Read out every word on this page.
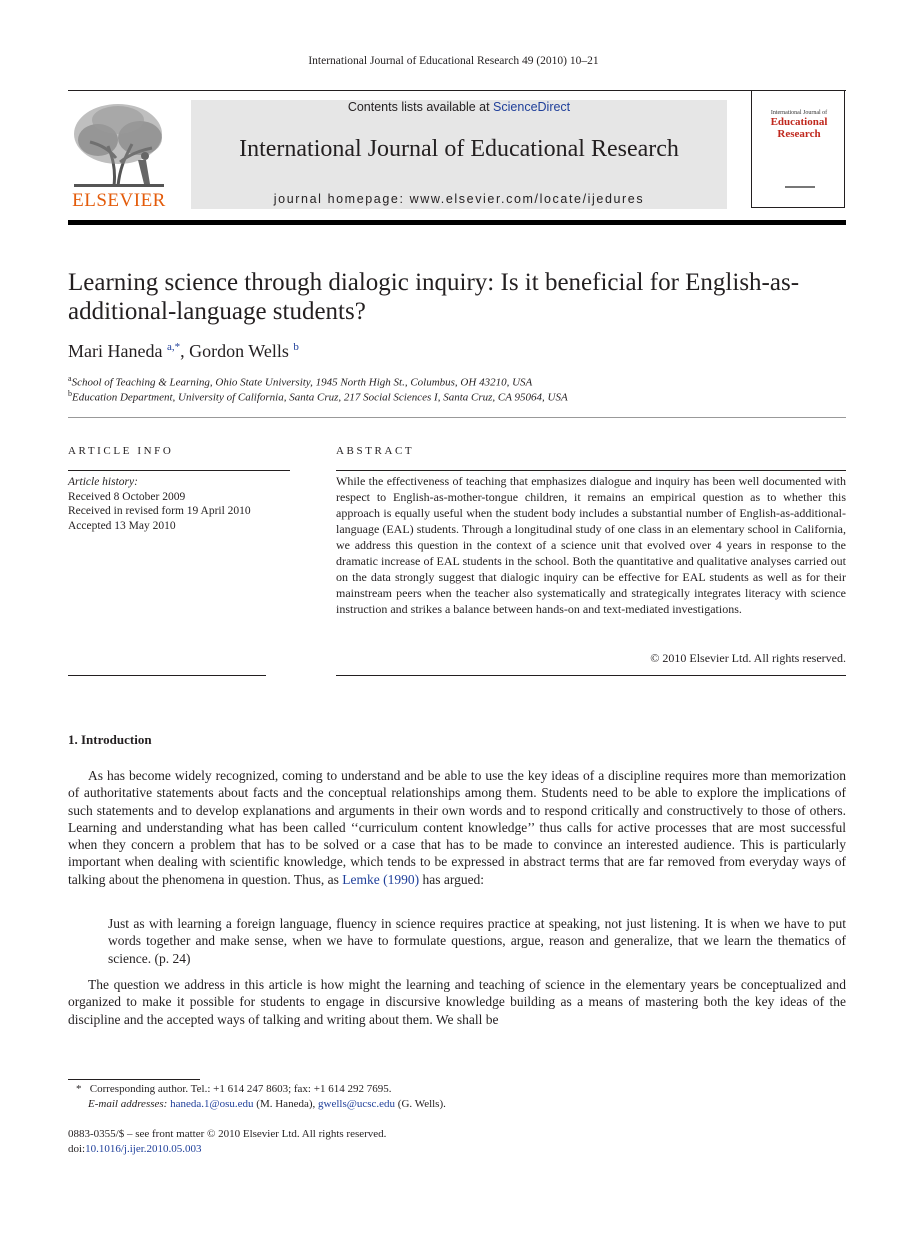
International Journal of Educational Research 49 (2010) 10–21
ELSEVIER
Contents lists available at ScienceDirect
International Journal of Educational Research
journal homepage: www.elsevier.com/locate/ijedures
International Journal of
Educational
Research
Learning science through dialogic inquiry: Is it beneficial for English-as-additional-language students?
Mari Haneda $^{a,*}$, Gordon Wells $^b$
$^a$School of Teaching & Learning, Ohio State University, 1945 North High St., Columbus, OH 43210, USA
$^b$Education Department, University of California, Santa Cruz, 217 Social Sciences I, Santa Cruz, CA 95064, USA
ARTICLE INFO	ABSTRACT
Article history:
Received 8 October 2009
Received in revised form 19 April 2010
Accepted 13 May 2010
While the effectiveness of teaching that emphasizes dialogue and inquiry has been well documented with respect to English-as-mother-tongue children, it remains an empirical question as to whether this approach is equally useful when the student body includes a substantial number of English-as-additional-language (EAL) students. Through a longitudinal study of one class in an elementary school in California, we address this question in the context of a science unit that evolved over 4 years in response to the dramatic increase of EAL students in the school. Both the quantitative and qualitative analyses carried out on the data strongly suggest that dialogic inquiry can be effective for EAL students as well as for their mainstream peers when the teacher also systematically and strategically integrates literacy with science instruction and strikes a balance between hands-on and text-mediated investigations.
© 2010 Elsevier Ltd. All rights reserved.
1. Introduction
As has become widely recognized, coming to understand and be able to use the key ideas of a discipline requires more than memorization of authoritative statements about facts and the conceptual relationships among them. Students need to be able to explore the implications of such statements and to develop explanations and arguments in their own words and to respond critically and constructively to those of others. Learning and understanding what has been called ‘‘curriculum content knowledge’’ thus calls for active processes that are most successful when they concern a problem that has to be solved or a case that has to be made to convince an interested audience. This is particularly important when dealing with scientific knowledge, which tends to be expressed in abstract terms that are far removed from everyday ways of talking about the phenomena in question. Thus, as Lemke (1990) has argued:
Just as with learning a foreign language, fluency in science requires practice at speaking, not just listening. It is when we have to put words together and make sense, when we have to formulate questions, argue, reason and generalize, that we learn the thematics of science. (p. 24)
The question we address in this article is how might the learning and teaching of science in the elementary years be conceptualized and organized to make it possible for students to engage in discursive knowledge building as a means of mastering both the key ideas of the discipline and the accepted ways of talking and writing about them. We shall be
* Corresponding author. Tel.: +1 614 247 8603; fax: +1 614 292 7695.
E-mail addresses: haneda.1@osu.edu (M. Haneda), gwells@ucsc.edu (G. Wells).
0883-0355/$ – see front matter © 2010 Elsevier Ltd. All rights reserved.
doi:10.1016/j.ijer.2010.05.003
